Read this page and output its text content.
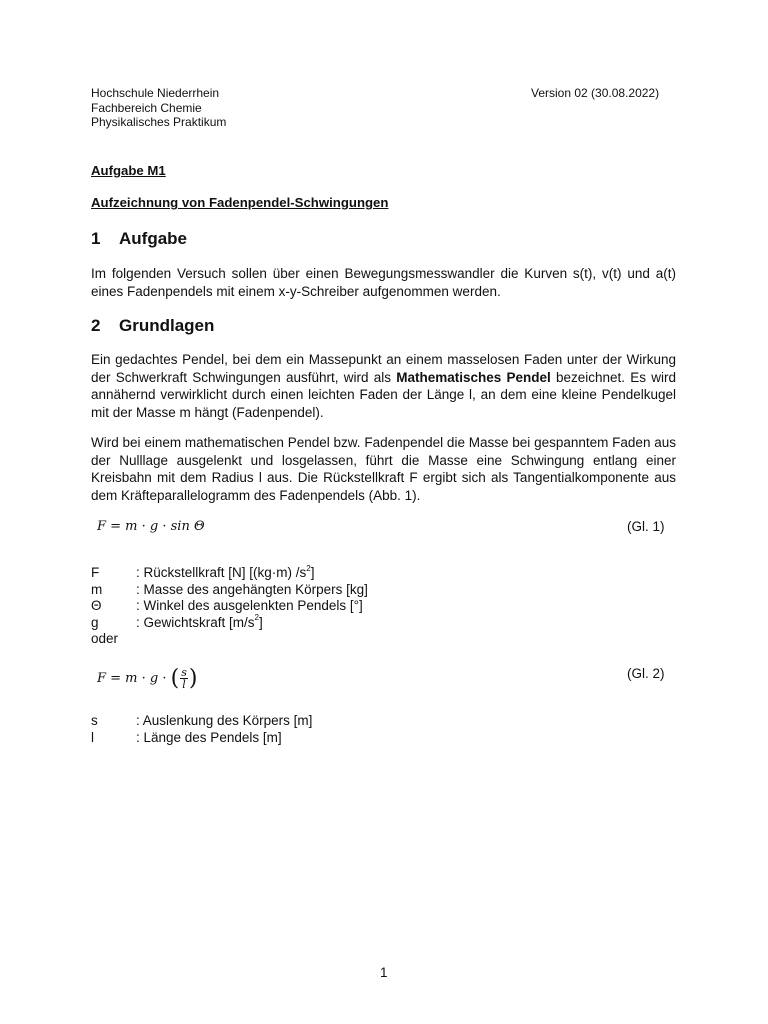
Hochschule Niederrhein
Fachbereich Chemie
Physikalisches Praktikum
Version 02 (30.08.2022)
Aufgabe M1
Aufzeichnung von Fadenpendel-Schwingungen
1 Aufgabe
Im folgenden Versuch sollen über einen Bewegungsmesswandler die Kurven s(t), v(t) und a(t) eines Fadenpendels mit einem x-y-Schreiber aufgenommen werden.
2 Grundlagen
Ein gedachtes Pendel, bei dem ein Massepunkt an einem masselosen Faden unter der Wirkung der Schwerkraft Schwingungen ausführt, wird als Mathematisches Pendel bezeichnet. Es wird annähernd verwirklicht durch einen leichten Faden der Länge l, an dem eine kleine Pendelkugel mit der Masse m hängt (Fadenpendel).
Wird bei einem mathematischen Pendel bzw. Fadenpendel die Masse bei gespanntem Faden aus der Nulllage ausgelenkt und losgelassen, führt die Masse eine Schwingung entlang einer Kreisbahn mit dem Radius l aus. Die Rückstellkraft F ergibt sich als Tangentialkomponente aus dem Kräfteparallelogramm des Fadenpendels (Abb. 1).
F = m · g · sin Θ	(Gl. 1)
F	: Rückstellkraft [N] [(kg·m) $/s^2$]
m	: Masse des angehängten Körpers [kg]
Θ	: Winkel des ausgelenkten Pendels [°]
g	: Gewichtskraft $[m/s^2]$
oder
F = m · g · ( $\frac{s}{l}$ )	(Gl. 2)
s	: Auslenkung des Körpers [m]
l	: Länge des Pendels [m]
1
